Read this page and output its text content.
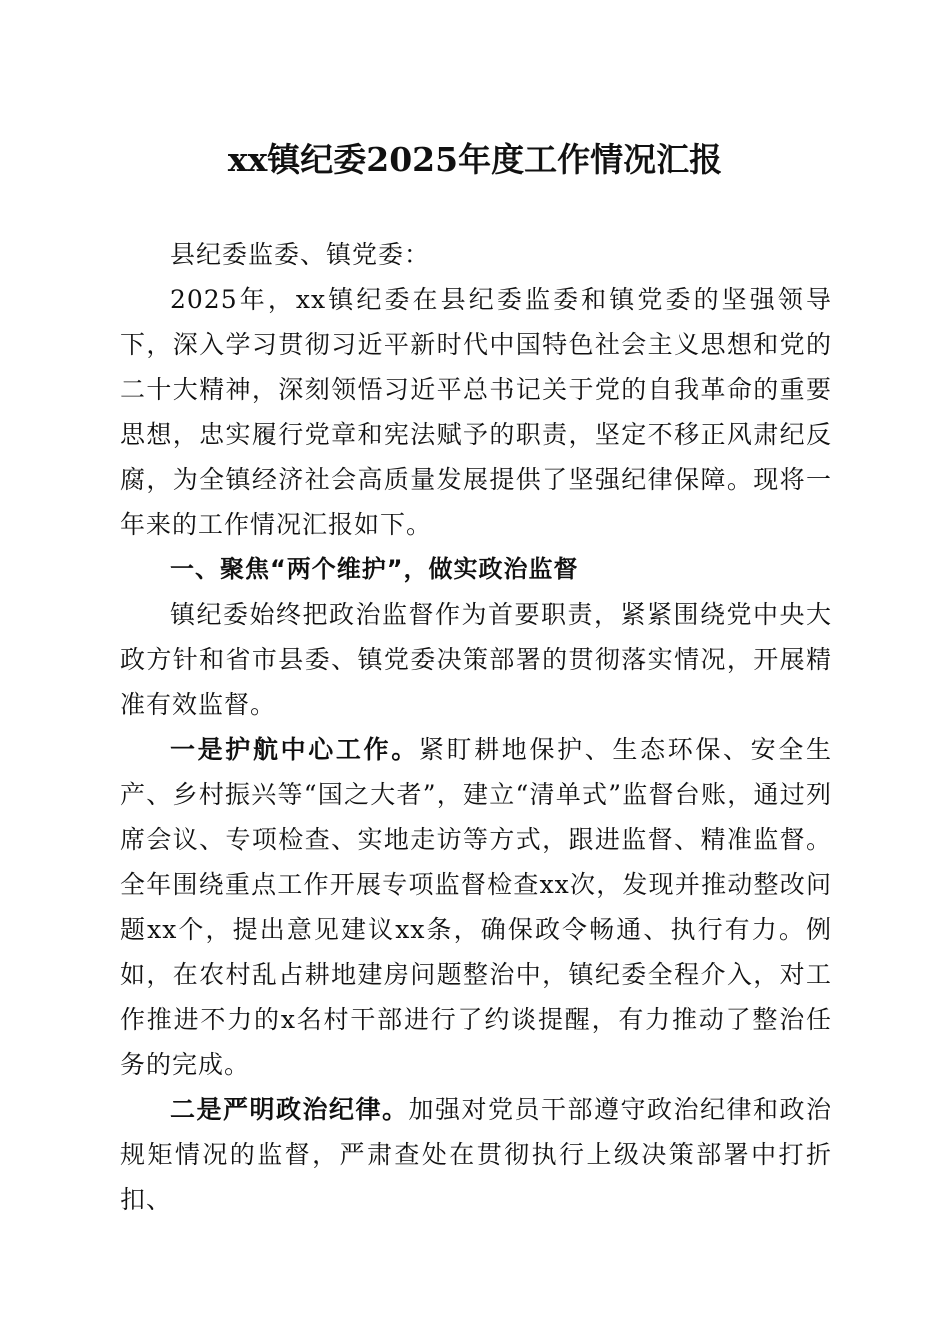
xx镇纪委2025年度工作情况汇报

县纪委监委、镇党委：

2025年，xx镇纪委在县纪委监委和镇党委的坚强领导下，深入学习贯彻习近平新时代中国特色社会主义思想和党的二十大精神，深刻领悟习近平总书记关于党的自我革命的重要思想，忠实履行党章和宪法赋予的职责，坚定不移正风肃纪反腐，为全镇经济社会高质量发展提供了坚强纪律保障。现将一年来的工作情况汇报如下。

一、聚焦“两个维护”，做实政治监督

镇纪委始终把政治监督作为首要职责，紧紧围绕党中央大政方针和省市县委、镇党委决策部署的贯彻落实情况，开展精准有效监督。

一是护航中心工作。紧盯耕地保护、生态环保、安全生产、乡村振兴等“国之大者”，建立“清单式”监督台账，通过列席会议、专项检查、实地走访等方式，跟进监督、精准监督。全年围绕重点工作开展专项监督检查xx次，发现并推动整改问题xx个，提出意见建议xx条，确保政令畅通、执行有力。例如，在农村乱占耕地建房问题整治中，镇纪委全程介入，对工作推进不力的x名村干部进行了约谈提醒，有力推动了整治任务的完成。

二是严明政治纪律。加强对党员干部遵守政治纪律和政治规矩情况的监督，严肃查处在贯彻执行上级决策部署中打折扣、
